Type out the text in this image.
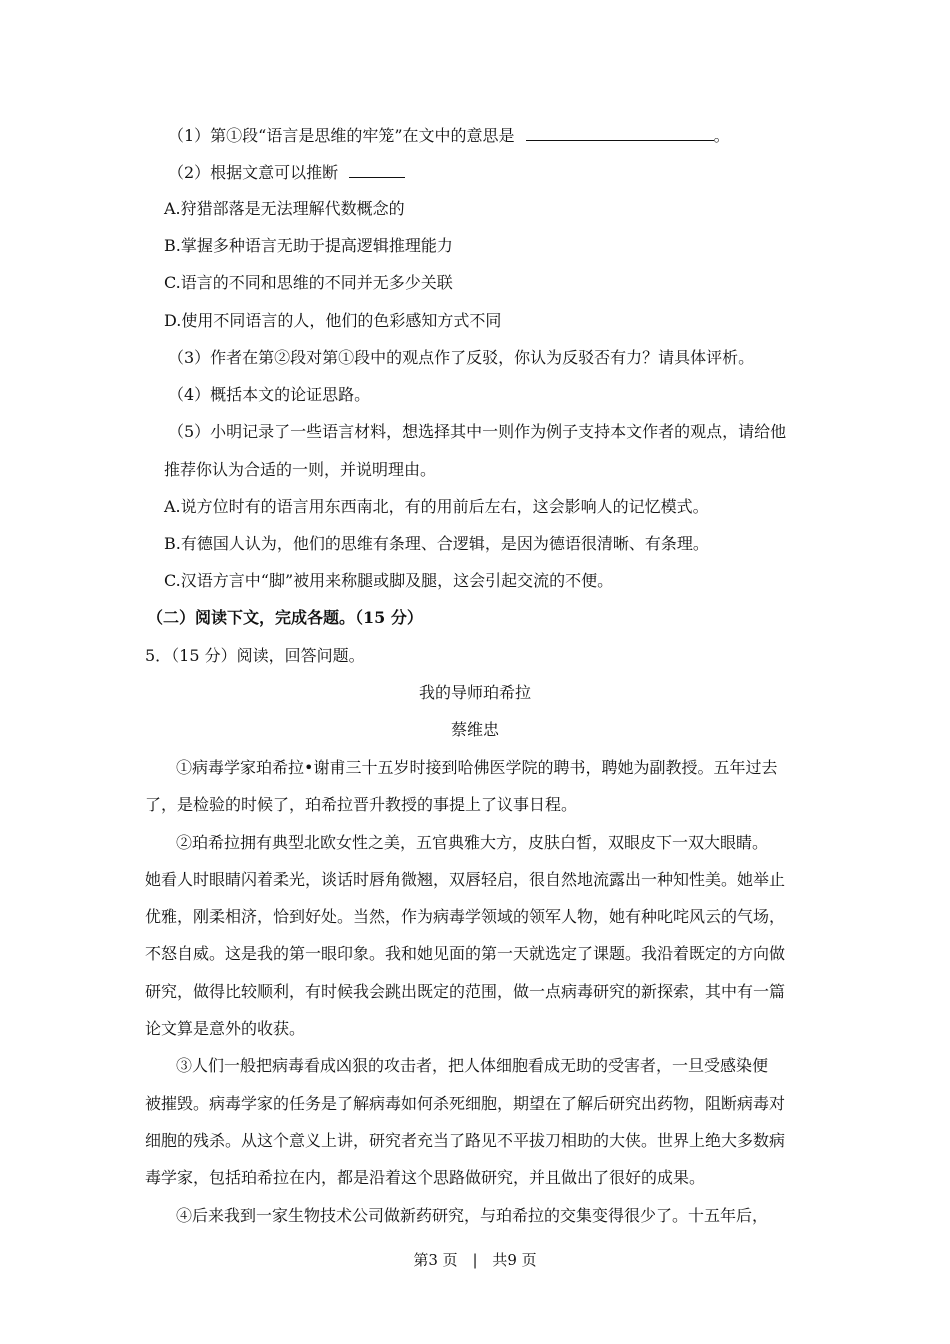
（1）第①段“语言是思维的牢笼”在文中的意思是	。
（2）根据文意可以推断
A.狩猎部落是无法理解代数概念的
B.掌握多种语言无助于提高逻辑推理能力
C.语言的不同和思维的不同并无多少关联
D.使用不同语言的人，他们的色彩感知方式不同
（3）作者在第②段对第①段中的观点作了反驳，你认为反驳否有力？请具体评析。
（4）概括本文的论证思路。
（5）小明记录了一些语言材料，想选择其中一则作为例子支持本文作者的观点，请给他
推荐你认为合适的一则，并说明理由。
A.说方位时有的语言用东西南北，有的用前后左右，这会影响人的记忆模式。
B.有德国人认为，他们的思维有条理、合逻辑，是因为德语很清晰、有条理。
C.汉语方言中“脚”被用来称腿或脚及腿，这会引起交流的不便。
（二）阅读下文，完成各题。（15 分）
5．（15 分）阅读，回答问题。
我的导师珀希拉
蔡维忠
①病毒学家珀希拉•谢甫三十五岁时接到哈佛医学院的聘书，聘她为副教授。五年过去
了，是检验的时候了，珀希拉晋升教授的事提上了议事日程。
②珀希拉拥有典型北欧女性之美，五官典雅大方，皮肤白皙，双眼皮下一双大眼睛。
她看人时眼睛闪着柔光，谈话时唇角微翘，双唇轻启，很自然地流露出一种知性美。她举止
优雅，刚柔相济，恰到好处。当然，作为病毒学领域的领军人物，她有种叱咤风云的气场，
不怒自威。这是我的第一眼印象。我和她见面的第一天就选定了课题。我沿着既定的方向做
研究，做得比较顺利，有时候我会跳出既定的范围，做一点病毒研究的新探索，其中有一篇
论文算是意外的收获。
③人们一般把病毒看成凶狠的攻击者，把人体细胞看成无助的受害者，一旦受感染便
被摧毁。病毒学家的任务是了解病毒如何杀死细胞，期望在了解后研究出药物，阻断病毒对
细胞的残杀。从这个意义上讲，研究者充当了路见不平拔刀相助的大侠。世界上绝大多数病
毒学家，包括珀希拉在内，都是沿着这个思路做研究，并且做出了很好的成果。
④后来我到一家生物技术公司做新药研究，与珀希拉的交集变得很少了。十五年后，
第3 页 | 共9 页
